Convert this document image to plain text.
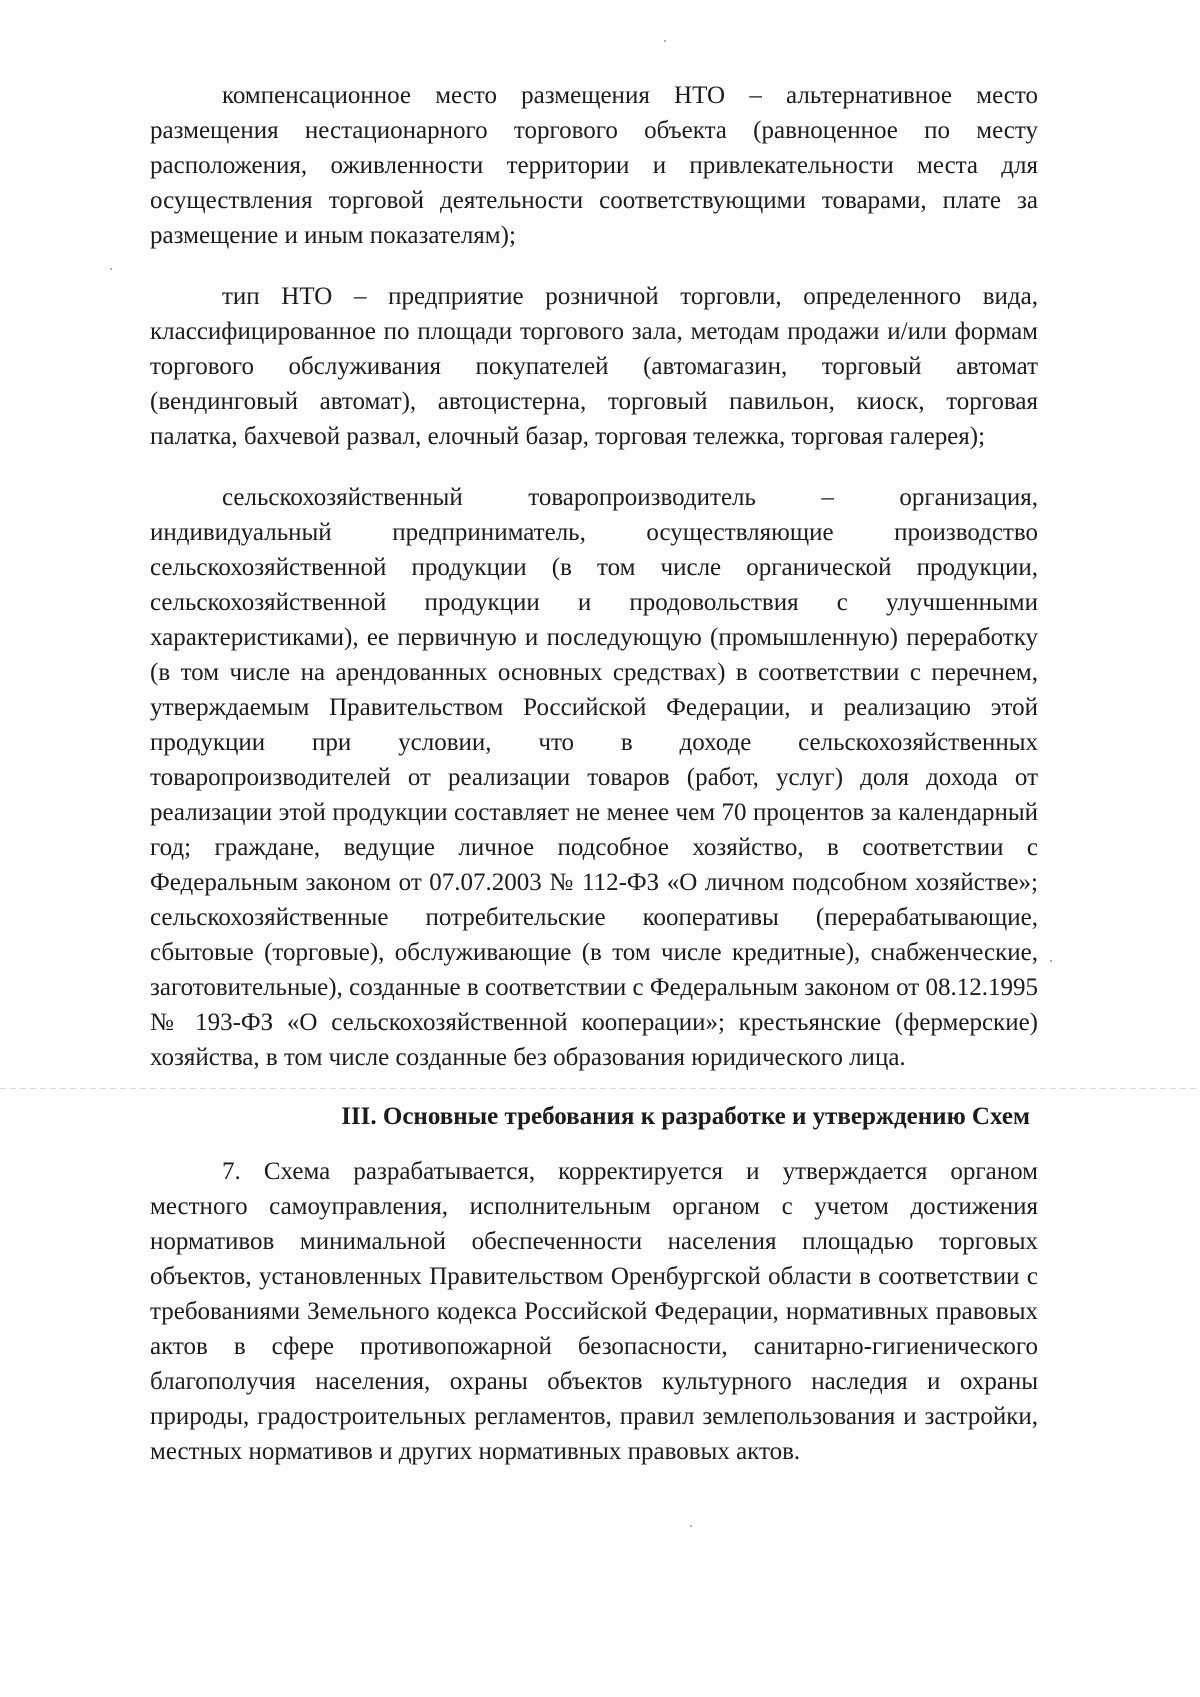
компенсационное место размещения НТО – альтернативное место размещения нестационарного торгового объекта (равноценное по месту расположения, оживленности территории и привлекательности места для осуществления торговой деятельности соответствующими товарами, плате за размещение и иным показателям);

тип НТО – предприятие розничной торговли, определенного вида, классифицированное по площади торгового зала, методам продажи и/или формам торгового обслуживания покупателей (автомагазин, торговый автомат (вендинговый автомат), автоцистерна, торговый павильон, киоск, торговая палатка, бахчевой развал, елочный базар, торговая тележка, торговая галерея);

сельскохозяйственный товаропроизводитель – организация, индивидуальный предприниматель, осуществляющие производство сельскохозяйственной продукции (в том числе органической продукции, сельскохозяйственной продукции и продовольствия с улучшенными характеристиками), ее первичную и последующую (промышленную) переработку (в том числе на арендованных основных средствах) в соответствии с перечнем, утверждаемым Правительством Российской Федерации, и реализацию этой продукции при условии, что в доходе сельскохозяйственных товаропроизводителей от реализации товаров (работ, услуг) доля дохода от реализации этой продукции составляет не менее чем 70 процентов за календарный год; граждане, ведущие личное подсобное хозяйство, в соответствии с Федеральным законом от 07.07.2003 № 112-ФЗ «О личном подсобном хозяйстве»; сельскохозяйственные потребительские кооперативы (перерабатывающие, сбытовые (торговые), обслуживающие (в том числе кредитные), снабженческие, заготовительные), созданные в соответствии с Федеральным законом от 08.12.1995 № 193-ФЗ «О сельскохозяйственной кооперации»; крестьянские (фермерские) хозяйства, в том числе созданные без образования юридического лица.

III. Основные требования к разработке и утверждению Схем

7. Схема разрабатывается, корректируется и утверждается органом местного самоуправления, исполнительным органом с учетом достижения нормативов минимальной обеспеченности населения площадью торговых объектов, установленных Правительством Оренбургской области в соответствии с требованиями Земельного кодекса Российской Федерации, нормативных правовых актов в сфере противопожарной безопасности, санитарно-гигиенического благополучия населения, охраны объектов культурного наследия и охраны природы, градостроительных регламентов, правил землепользования и застройки, местных нормативов и других нормативных правовых актов.
